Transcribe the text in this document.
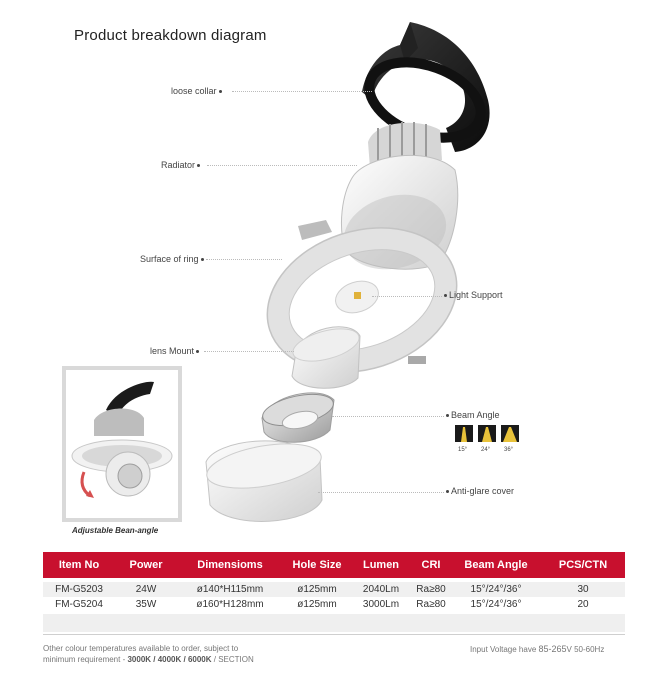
Product breakdown diagram
loose collar
Radiator
Surface of ring
lens Mount
Light Support
Beam Angle
Anti-glare cover
15° 24° 36°
Adjustable Bean-angle
Item No	Power	Dimensioms	Hole Size	Lumen	CRI	Beam Angle	PCS/CTN
FM-G5203	24W	ø140*H115mm	ø125mm	2040Lm	Ra≥80	15°/24°/36°	30
FM-G5204	35W	ø160*H128mm	ø125mm	3000Lm	Ra≥80	15°/24°/36°	20
Other colour temperatures available to order, subject to
minimum requirement - 3000K / 4000K / 6000K / SECTION
Input Voltage have 85-265V 50-60Hz
